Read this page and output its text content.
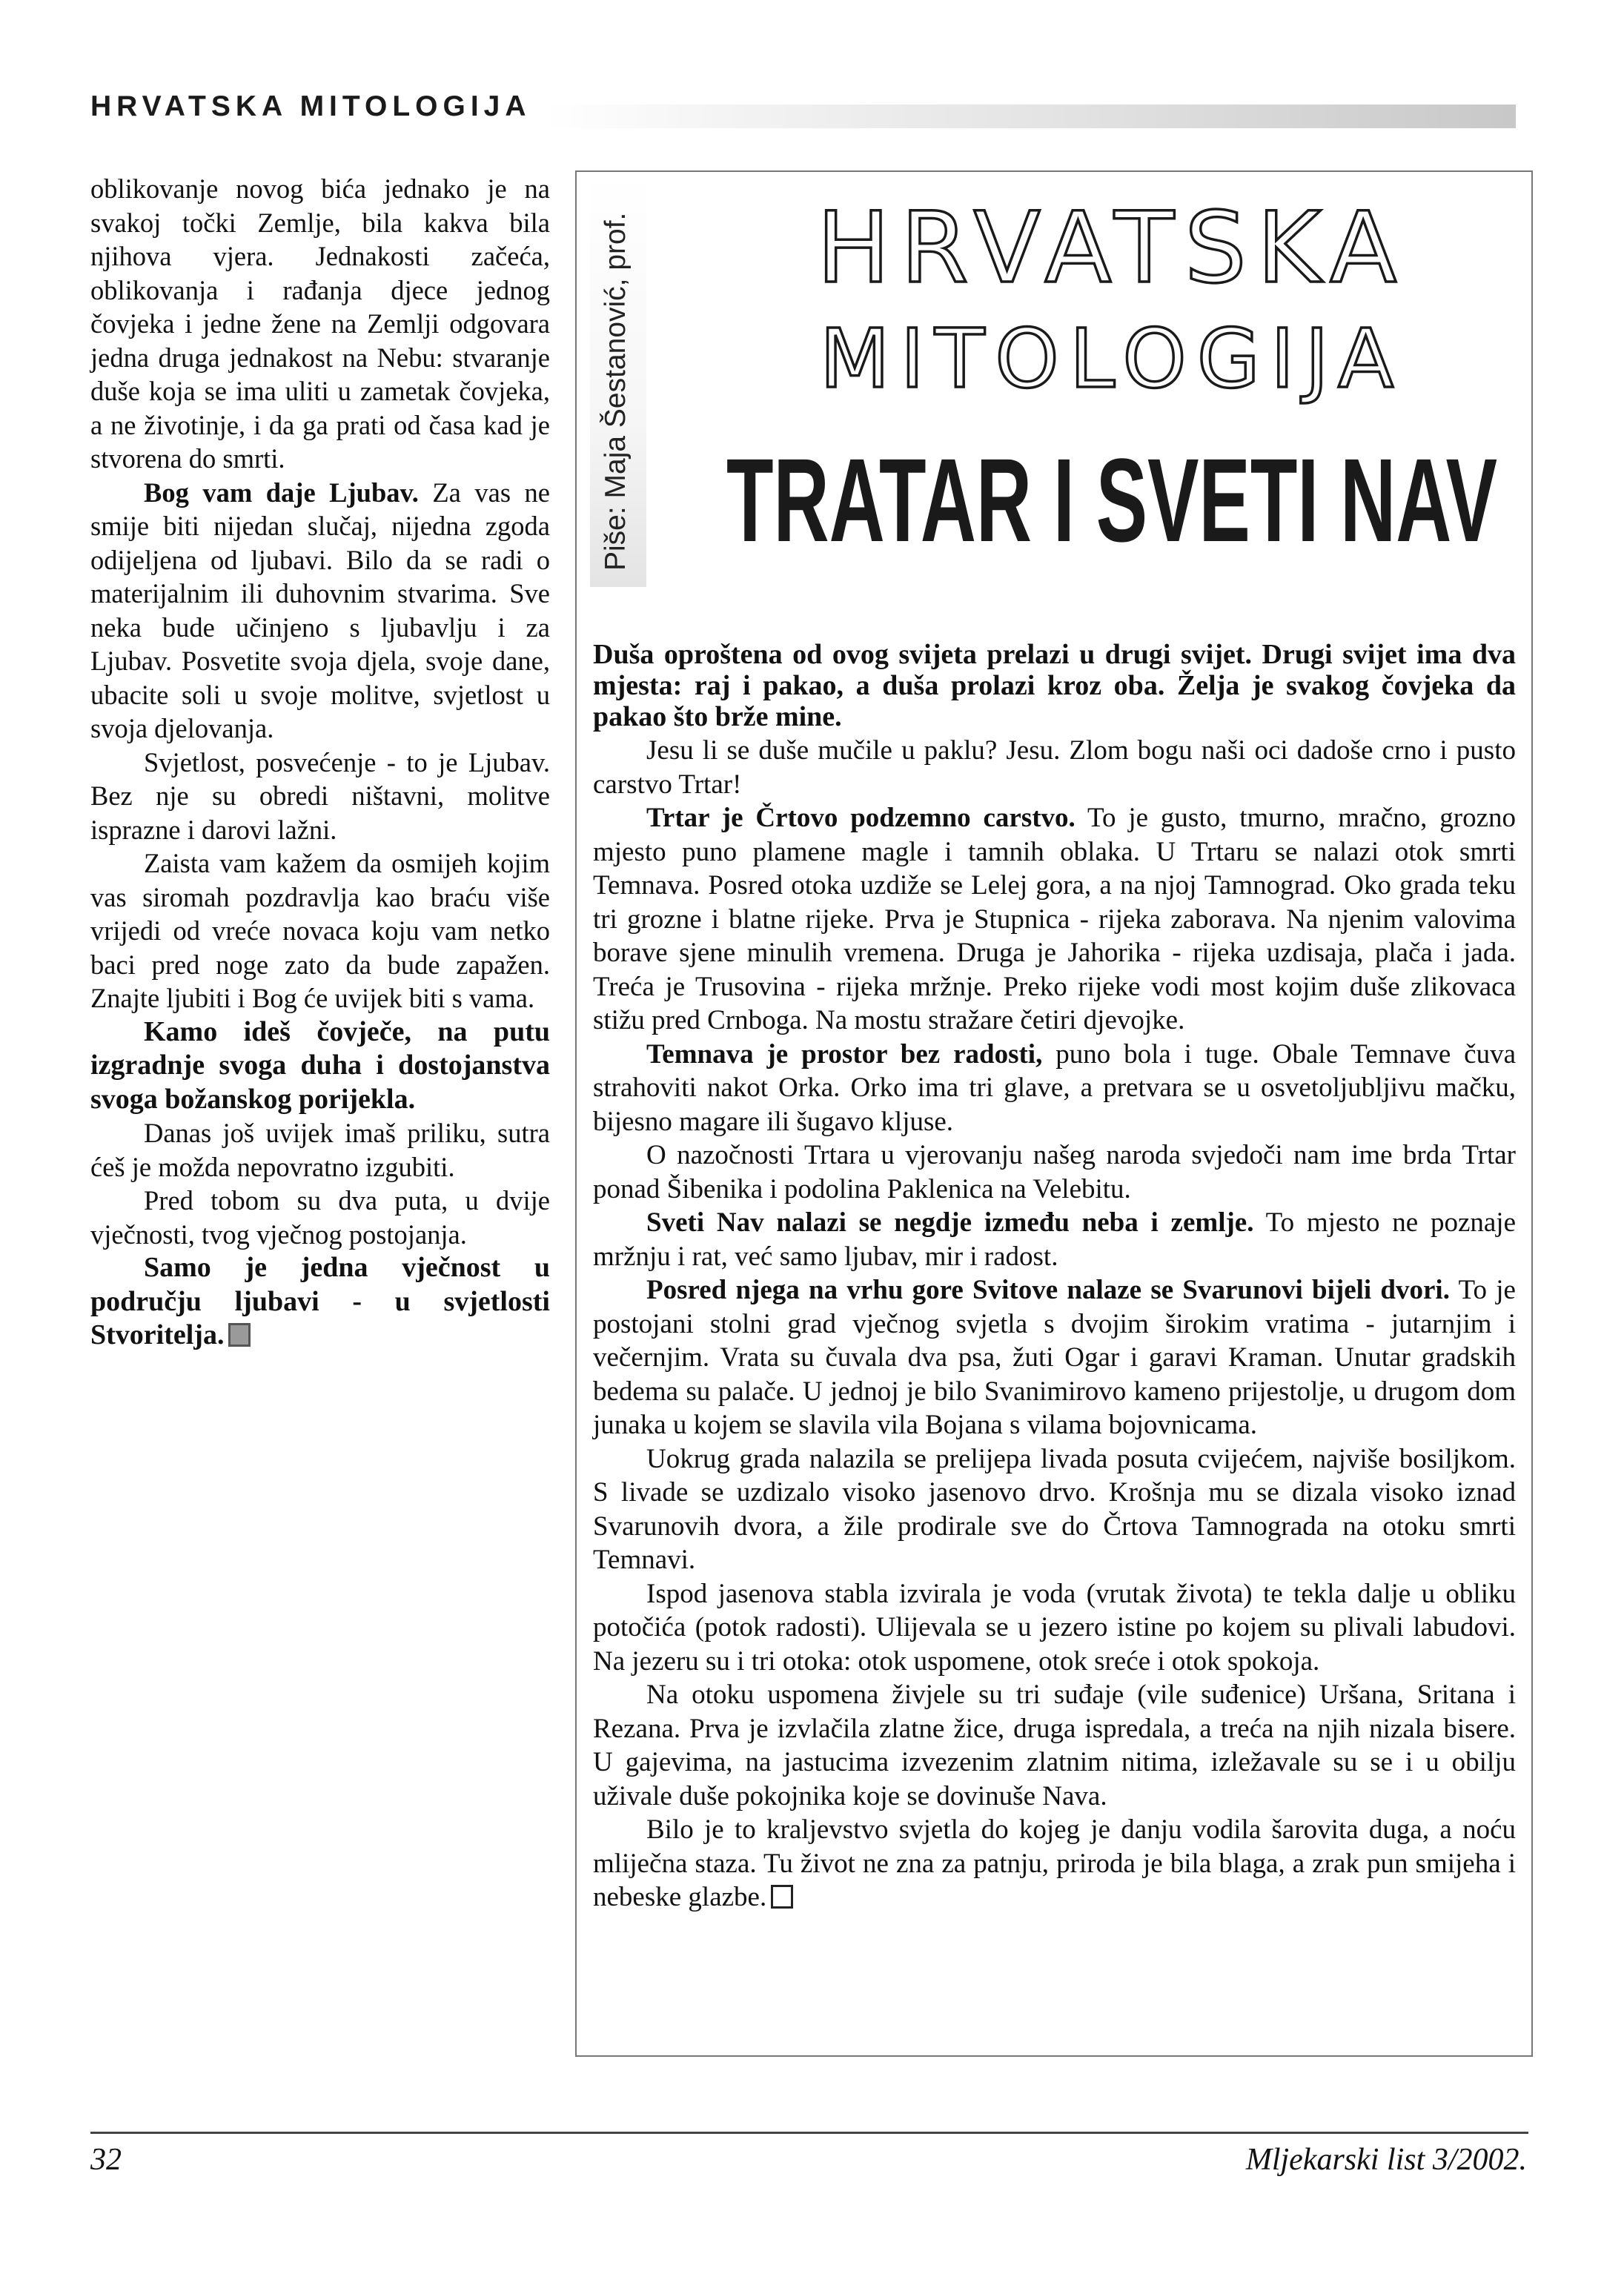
HRVATSKA MITOLOGIJA

oblikovanje novog bića jednako je na svakoj točki Zemlje, bila kakva bila njihova vjera. Jednakosti začeća, oblikovanja i rađanja djece jednog čovjeka i jedne žene na Zemlji odgovara jedna druga jednakost na Nebu: stvaranje duše koja se ima uliti u zametak čovjeka, a ne životinje, i da ga prati od časa kad je stvorena do smrti.

Bog vam daje Ljubav. Za vas ne smije biti nijedan slučaj, nijedna zgoda odijeljena od ljubavi. Bilo da se radi o materijalnim ili duhovnim stvarima. Sve neka bude učinjeno s ljubavlju i za Ljubav. Posvetite svoja djela, svoje dane, ubacite soli u svoje molitve, svjetlost u svoja djelovanja.

Svjetlost, posvećenje - to je Ljubav. Bez nje su obredi ništavni, molitve isprazne i darovi lažni.

Zaista vam kažem da osmijeh kojim vas siromah pozdravlja kao braću više vrijedi od vreće novaca koju vam netko baci pred noge zato da bude zapažen. Znajte ljubiti i Bog će uvijek biti s vama.

Kamo ideš čovječe, na putu izgradnje svoga duha i dostojanstva svoga božanskog porijekla.

Danas još uvijek imaš priliku, sutra ćeš je možda nepovratno izgubiti.

Pred tobom su dva puta, u dvije vječnosti, tvog vječnog postojanja.

Samo je jedna vječnost u području ljubavi - u svjetlosti Stvoritelja.

Piše: Maja Šestanović, prof. HRVATSKA
MITOLOGIJA
TRATAR I SVETI NAV

Duša oproštena od ovog svijeta prelazi u drugi svijet. Drugi svijet ima dva mjesta: raj i pakao, a duša prolazi kroz oba. Želja je svakog čovjeka da pakao što brže mine.

Jesu li se duše mučile u paklu? Jesu. Zlom bogu naši oci dadoše crno i pusto carstvo Trtar!

Trtar je Črtovo podzemno carstvo. To je gusto, tmurno, mračno, grozno mjesto puno plamene magle i tamnih oblaka. U Trtaru se nalazi otok smrti Temnava. Posred otoka uzdiže se Lelej gora, a na njoj Tamnograd. Oko grada teku tri grozne i blatne rijeke. Prva je Stupnica - rijeka zaborava. Na njenim valovima borave sjene minulih vremena. Druga je Jahorika - rijeka uzdisaja, plača i jada. Treća je Trusovina - rijeka mržnje. Preko rijeke vodi most kojim duše zlikovaca stižu pred Crnboga. Na mostu stražare četiri djevojke.

Temnava je prostor bez radosti, puno bola i tuge. Obale Temnave čuva strahoviti nakot Orka. Orko ima tri glave, a pretvara se u osvetoljubljivu mačku, bijesno magare ili šugavo kljuse.

O nazočnosti Trtara u vjerovanju našeg naroda svjedoči nam ime brda Trtar ponad Šibenika i podolina Paklenica na Velebitu.

Sveti Nav nalazi se negdje između neba i zemlje. To mjesto ne poznaje mržnju i rat, već samo ljubav, mir i radost.

Posred njega na vrhu gore Svitove nalaze se Svarunovi bijeli dvori. To je postojani stolni grad vječnog svjetla s dvojim širokim vratima - jutarnjim i večernjim. Vrata su čuvala dva psa, žuti Ogar i garavi Kraman. Unutar gradskih bedema su palače. U jednoj je bilo Svanimirovo kameno prijestolje, u drugom dom junaka u kojem se slavila vila Bojana s vilama bojovnicama.

Uokrug grada nalazila se prelijepa livada posuta cvijećem, najviše bosiljkom. S livade se uzdizalo visoko jasenovo drvo. Krošnja mu se dizala visoko iznad Svarunovih dvora, a žile prodirale sve do Črtova Tamnograda na otoku smrti Temnavi.

Ispod jasenova stabla izvirala je voda (vrutak života) te tekla dalje u obliku potočića (potok radosti). Ulijevala se u jezero istine po kojem su plivali labudovi. Na jezeru su i tri otoka: otok uspomene, otok sreće i otok spokoja.

Na otoku uspomena živjele su tri suđaje (vile suđenice) Uršana, Sritana i Rezana. Prva je izvlačila zlatne žice, druga ispredala, a treća na njih nizala bisere. U gajevima, na jastucima izvezenim zlatnim nitima, izležavale su se i u obilju uživale duše pokojnika koje se dovinuše Nava.

Bilo je to kraljevstvo svjetla do kojeg je danju vodila šarovita duga, a noću mliječna staza. Tu život ne zna za patnju, priroda je bila blaga, a zrak pun smijeha i nebeske glazbe.

32	Mljekarski list 3/2002.
